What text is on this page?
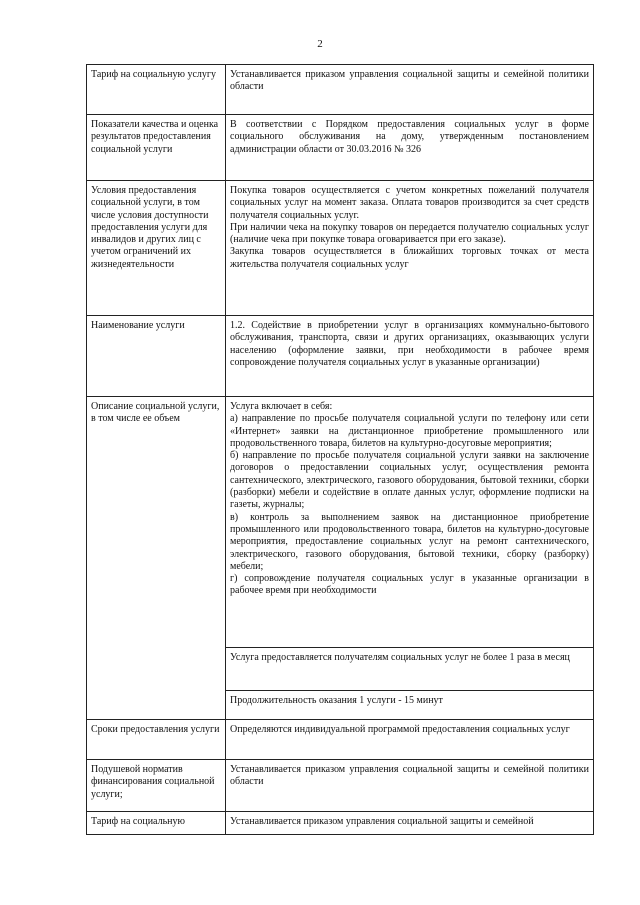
2
Тариф на социальную услугу	Устанавливается приказом управления социальной защиты и семейной политики области

Показатели качества и оценка результатов предоставления социальной услуги	В соответствии с Порядком предоставления социальных услуг в форме социального обслуживания на дому, утвержденным постановлением администрации области от 30.03.2016 № 326

Условия предоставления социальной услуги, в том числе условия доступности предоставления услуги для инвалидов и других лиц с учетом ограничений их жизнедеятельности	Покупка товаров осуществляется с учетом конкретных пожеланий получателя социальных услуг на момент заказа. Оплата товаров производится за счет средств получателя социальных услуг.
При наличии чека на покупку товаров он передается получателю социальных услуг (наличие чека при покупке товара оговаривается при его заказе).
Закупка товаров осуществляется в ближайших торговых точках от места жительства получателя социальных услуг

Наименование услуги	1.2. Содействие в приобретении услуг в организациях коммунально-бытового обслуживания, транспорта, связи и других организациях, оказывающих услуги населению (оформление заявки, при необходимости в рабочее время сопровождение получателя социальных услуг в указанные организации)

Описание социальной услуги, в том числе ее объем	Услуга включает в себя:
а) направление по просьбе получателя социальной услуги по телефону или сети «Интернет» заявки на дистанционное приобретение промышленного или продовольственного товара, билетов на культурно-досуговые мероприятия;
б) направление по просьбе получателя социальной услуги заявки на заключение договоров о предоставлении социальных услуг, осуществления ремонта сантехнического, электрического, газового оборудования, бытовой техники, сборки (разборки) мебели и содействие в оплате данных услуг, оформление подписки на газеты, журналы;
в) контроль за выполнением заявок на дистанционное приобретение промышленного или продовольственного товара, билетов на культурно-досуговые мероприятия, предоставление социальных услуг на ремонт сантехнического, электрического, газового оборудования, бытовой техники, сборку (разборку) мебели;
г) сопровождение получателя социальных услуг в указанные организации в рабочее время при необходимости

	Услуга предоставляется получателям социальных услуг не более 1 раза в месяц

	Продолжительность оказания 1 услуги - 15 минут

Сроки предоставления услуги	Определяются индивидуальной программой предоставления социальных услуг

Подушевой норматив финансирования социальной услуги;	Устанавливается приказом управления социальной защиты и семейной политики области

Тариф на социальную	Устанавливается приказом управления социальной защиты и семейной
